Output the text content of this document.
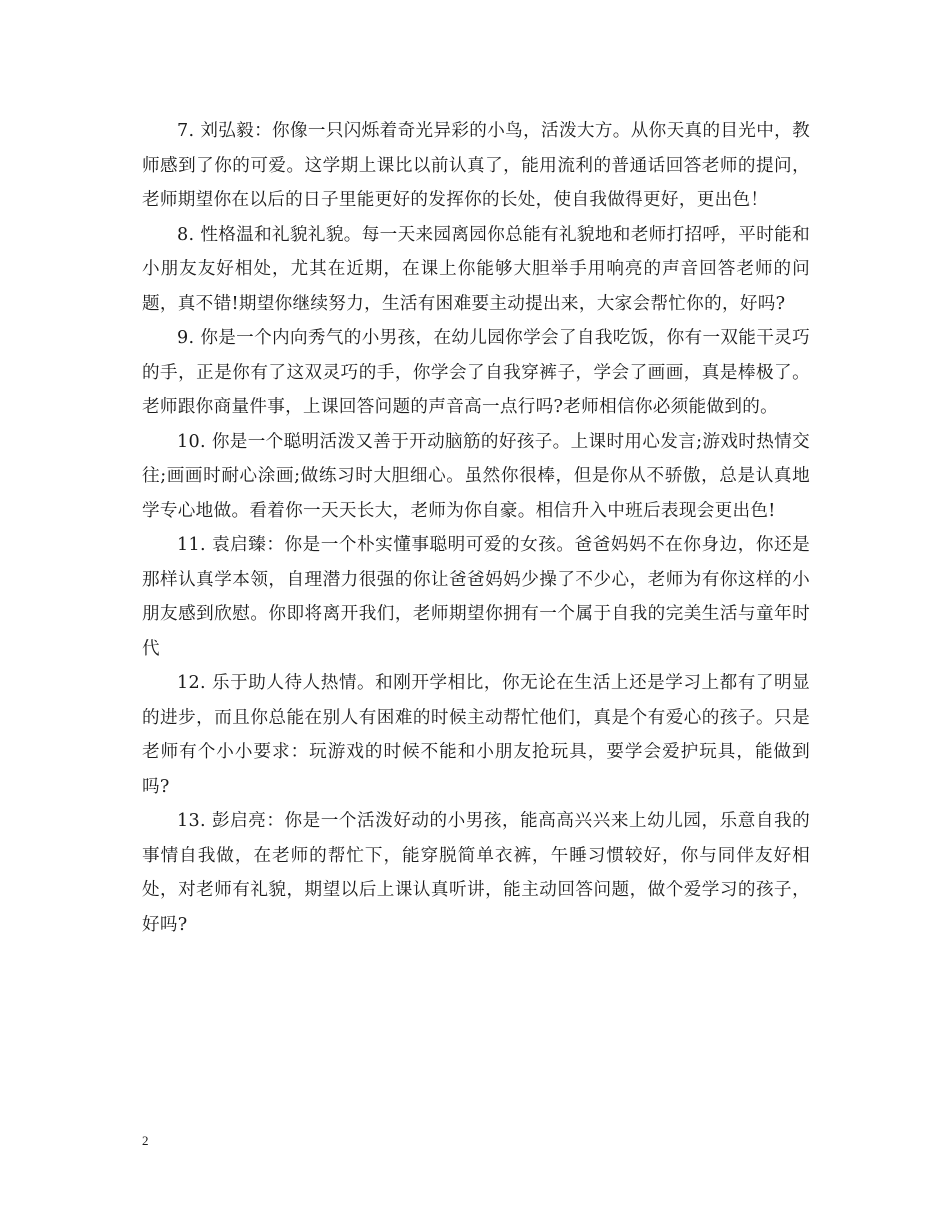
7. 刘弘毅：你像一只闪烁着奇光异彩的小鸟，活泼大方。从你天真的目光中，教师感到了你的可爱。这学期上课比以前认真了，能用流利的普通话回答老师的提问，老师期望你在以后的日子里能更好的发挥你的长处，使自我做得更好，更出色！

8. 性格温和礼貌礼貌。每一天来园离园你总能有礼貌地和老师打招呼，平时能和小朋友友好相处，尤其在近期，在课上你能够大胆举手用响亮的声音回答老师的问题，真不错!期望你继续努力，生活有困难要主动提出来，大家会帮忙你的，好吗?

9. 你是一个内向秀气的小男孩，在幼儿园你学会了自我吃饭，你有一双能干灵巧的手，正是你有了这双灵巧的手，你学会了自我穿裤子，学会了画画，真是棒极了。老师跟你商量件事，上课回答问题的声音高一点行吗?老师相信你必须能做到的。

10. 你是一个聪明活泼又善于开动脑筋的好孩子。上课时用心发言;游戏时热情交往;画画时耐心涂画;做练习时大胆细心。虽然你很棒，但是你从不骄傲，总是认真地学专心地做。看着你一天天长大，老师为你自豪。相信升入中班后表现会更出色!

11. 袁启臻：你是一个朴实懂事聪明可爱的女孩。爸爸妈妈不在你身边，你还是那样认真学本领，自理潜力很强的你让爸爸妈妈少操了不少心，老师为有你这样的小朋友感到欣慰。你即将离开我们，老师期望你拥有一个属于自我的完美生活与童年时代

12. 乐于助人待人热情。和刚开学相比，你无论在生活上还是学习上都有了明显的进步，而且你总能在别人有困难的时候主动帮忙他们，真是个有爱心的孩子。只是老师有个小小要求：玩游戏的时候不能和小朋友抢玩具，要学会爱护玩具，能做到吗?

13. 彭启亮：你是一个活泼好动的小男孩，能高高兴兴来上幼儿园，乐意自我的事情自我做，在老师的帮忙下，能穿脱简单衣裤，午睡习惯较好，你与同伴友好相处，对老师有礼貌，期望以后上课认真听讲，能主动回答问题，做个爱学习的孩子，好吗?

2
